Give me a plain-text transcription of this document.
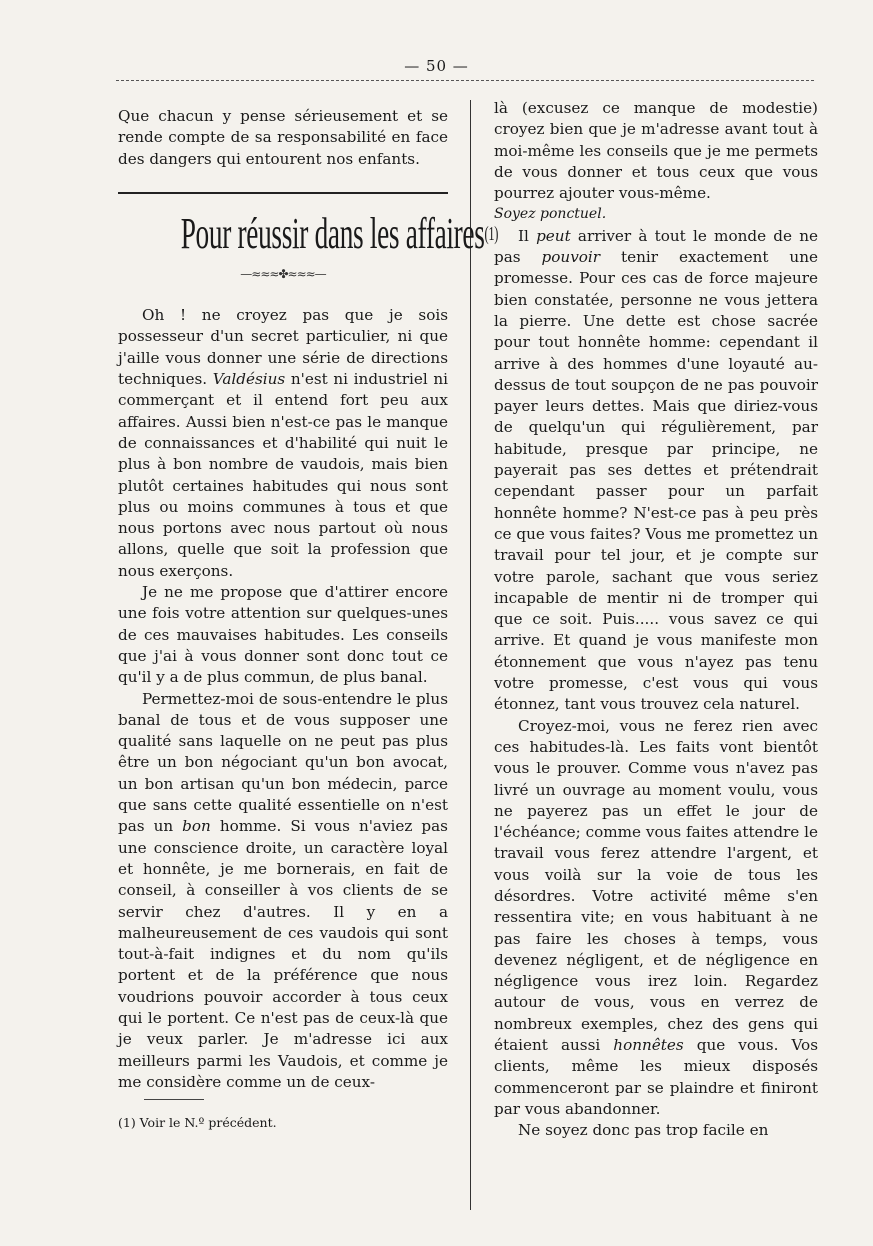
— 50 —

Que chacun y pense sérieusement et se rende compte de sa responsabilité en face des dangers qui entourent nos enfants.

Pour réussir dans les affaires$^{(1)}$
—≈≈≈✤≈≈≈—

Oh ! ne croyez pas que je sois possesseur d'un secret particulier, ni que j'aille vous donner une série de directions techniques. Valdésius n'est ni industriel ni commerçant et il entend fort peu aux affaires. Aussi bien n'est-ce pas le manque de connaissances et d'habilité qui nuit le plus à bon nombre de vaudois, mais bien plutôt certaines habitudes qui nous sont plus ou moins communes à tous et que nous portons avec nous partout où nous allons, quelle que soit la profession que nous exerçons.

Je ne me propose que d'attirer encore une fois votre attention sur quelques-unes de ces mauvaises habitudes. Les conseils que j'ai à vous donner sont donc tout ce qu'il y a de plus commun, de plus banal.

Permettez-moi de sous-entendre le plus banal de tous et de vous supposer une qualité sans laquelle on ne peut pas plus être un bon négociant qu'un bon avocat, un bon artisan qu'un bon médecin, parce que sans cette qualité essentielle on n'est pas un bon homme. Si vous n'aviez pas une conscience droite, un caractère loyal et honnête, je me bornerais, en fait de conseil, à conseiller à vos clients de se servir chez d'autres. Il y en a malheureusement de ces vaudois qui sont tout-à-fait indignes et du nom qu'ils portent et de la préférence que nous voudrions pouvoir accorder à tous ceux qui le portent. Ce n'est pas de ceux-là que je veux parler. Je m'adresse ici aux meilleurs parmi les Vaudois, et comme je me considère comme un de ceux-

(1) Voir le N.º précédent.

là (excusez ce manque de modestie) croyez bien que je m'adresse avant tout à moi-même les conseils que je me permets de vous donner et tous ceux que vous pourrez ajouter vous-même.

Soyez ponctuel.

Il peut arriver à tout le monde de ne pas pouvoir tenir exactement une promesse. Pour ces cas de force majeure bien constatée, personne ne vous jettera la pierre. Une dette est chose sacrée pour tout honnête homme: cependant il arrive à des hommes d'une loyauté au-dessus de tout soupçon de ne pas pouvoir payer leurs dettes. Mais que diriez-vous de quelqu'un qui régulièrement, par habitude, presque par principe, ne payerait pas ses dettes et prétendrait cependant passer pour un parfait honnête homme? N'est-ce pas à peu près ce que vous faites? Vous me promettez un travail pour tel jour, et je compte sur votre parole, sachant que vous seriez incapable de mentir ni de tromper qui que ce soit. Puis..... vous savez ce qui arrive. Et quand je vous manifeste mon étonnement que vous n'ayez pas tenu votre promesse, c'est vous qui vous étonnez, tant vous trouvez cela naturel.

Croyez-moi, vous ne ferez rien avec ces habitudes-là. Les faits vont bientôt vous le prouver. Comme vous n'avez pas livré un ouvrage au moment voulu, vous ne payerez pas un effet le jour de l'échéance; comme vous faites attendre le travail vous ferez attendre l'argent, et vous voilà sur la voie de tous les désordres. Votre activité même s'en ressentira vite; en vous habituant à ne pas faire les choses à temps, vous devenez négligent, et de négligence en négligence vous irez loin. Regardez autour de vous, vous en verrez de nombreux exemples, chez des gens qui étaient aussi honnêtes que vous. Vos clients, même les mieux disposés commenceront par se plaindre et finiront par vous abandonner.

Ne soyez donc pas trop facile en
